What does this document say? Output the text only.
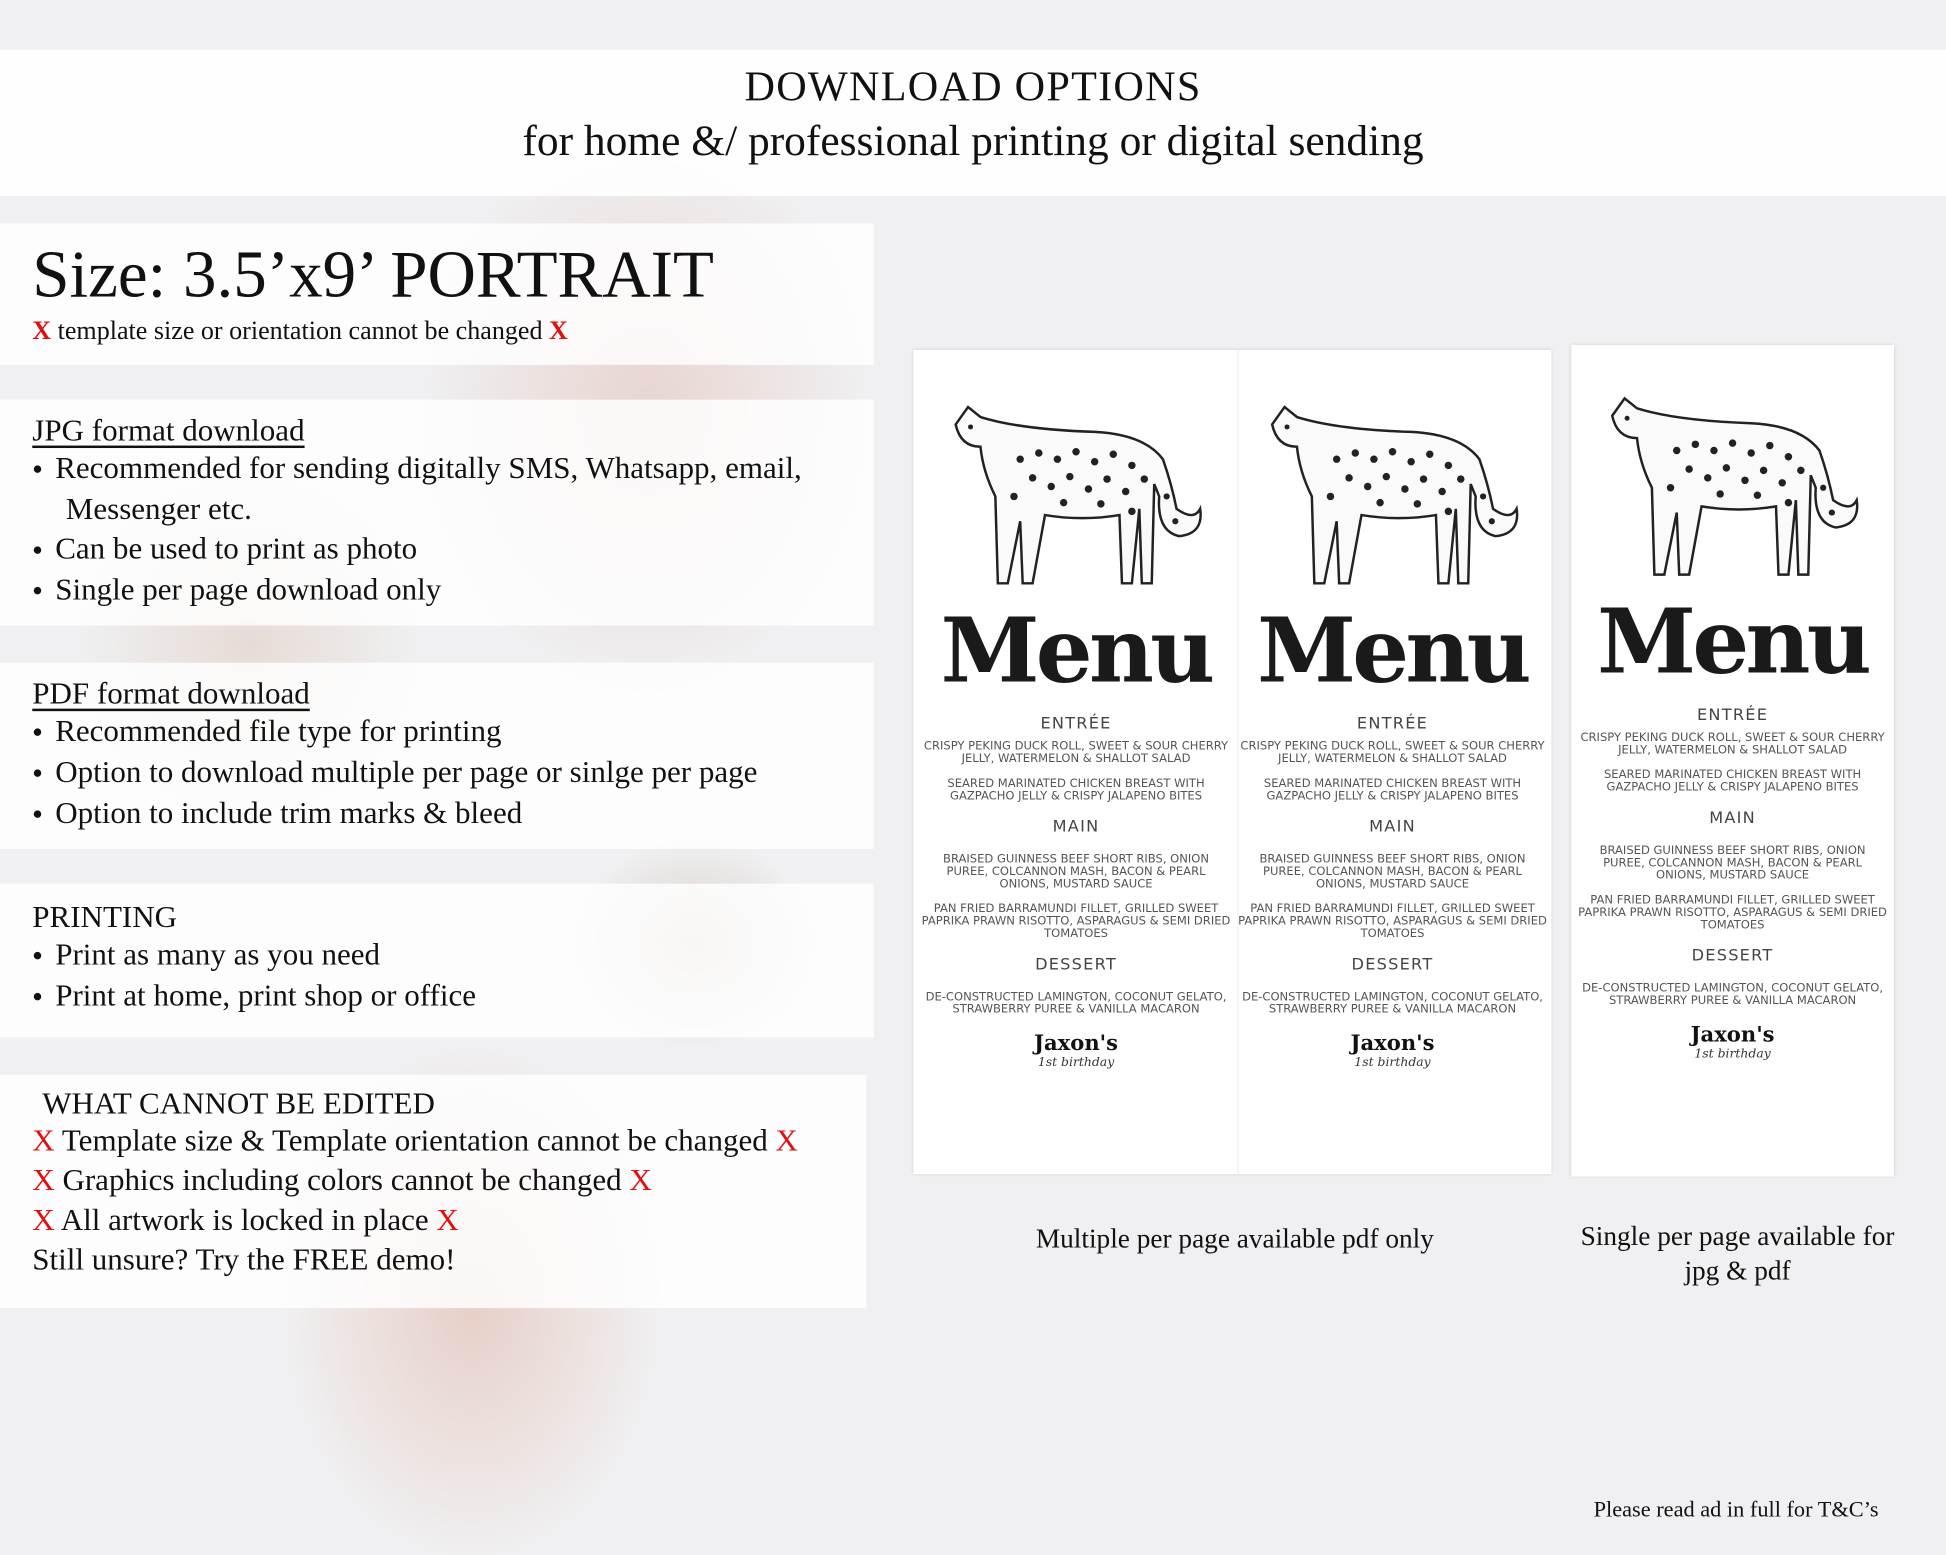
DOWNLOAD OPTIONS
for home &/ professional printing or digital sending
Size: 3.5’x9’ PORTRAIT
X template size or orientation cannot be changed X
JPG format download
● Recommended for sending digitally SMS, Whatsapp, email,
Messenger etc.
● Can be used to print as photo
● Single per page download only
PDF format download
● Recommended file type for printing
● Option to download multiple per page or sinlge per page
● Option to include trim marks & bleed
PRINTING
● Print as many as you need
● Print at home, print shop or office
WHAT CANNOT BE EDITED
X Template size & Template orientation cannot be changed X
X Graphics including colors cannot be changed X
X All artwork is locked in place X
Still unsure? Try the FREE demo!
Menu
ENTRÉE
CRISPY PEKING DUCK ROLL, SWEET & SOUR CHERRY JELLY, WATERMELON & SHALLOT SALAD
SEARED MARINATED CHICKEN BREAST WITH GAZPACHO JELLY & CRISPY JALAPENO BITES
MAIN
BRAISED GUINNESS BEEF SHORT RIBS, ONION PUREE, COLCANNON MASH, BACON & PEARL ONIONS, MUSTARD SAUCE
PAN FRIED BARRAMUNDI FILLET, GRILLED SWEET PAPRIKA PRAWN RISOTTO, ASPARAGUS & SEMI DRIED TOMATOES
DESSERT
DE-CONSTRUCTED LAMINGTON, COCONUT GELATO, STRAWBERRY PUREE & VANILLA MACARON
Jaxon's
1st birthday
Menu
ENTRÉE
CRISPY PEKING DUCK ROLL, SWEET & SOUR CHERRY JELLY, WATERMELON & SHALLOT SALAD
SEARED MARINATED CHICKEN BREAST WITH GAZPACHO JELLY & CRISPY JALAPENO BITES
MAIN
BRAISED GUINNESS BEEF SHORT RIBS, ONION PUREE, COLCANNON MASH, BACON & PEARL ONIONS, MUSTARD SAUCE
PAN FRIED BARRAMUNDI FILLET, GRILLED SWEET PAPRIKA PRAWN RISOTTO, ASPARAGUS & SEMI DRIED TOMATOES
DESSERT
DE-CONSTRUCTED LAMINGTON, COCONUT GELATO, STRAWBERRY PUREE & VANILLA MACARON
Jaxon's
1st birthday
Menu
ENTRÉE
CRISPY PEKING DUCK ROLL, SWEET & SOUR CHERRY JELLY, WATERMELON & SHALLOT SALAD
SEARED MARINATED CHICKEN BREAST WITH GAZPACHO JELLY & CRISPY JALAPENO BITES
MAIN
BRAISED GUINNESS BEEF SHORT RIBS, ONION PUREE, COLCANNON MASH, BACON & PEARL ONIONS, MUSTARD SAUCE
PAN FRIED BARRAMUNDI FILLET, GRILLED SWEET PAPRIKA PRAWN RISOTTO, ASPARAGUS & SEMI DRIED TOMATOES
DESSERT
DE-CONSTRUCTED LAMINGTON, COCONUT GELATO, STRAWBERRY PUREE & VANILLA MACARON
Jaxon's
1st birthday
Multiple per page available pdf only	Single per page available for jpg & pdf
Please read ad in full for T&C’s
